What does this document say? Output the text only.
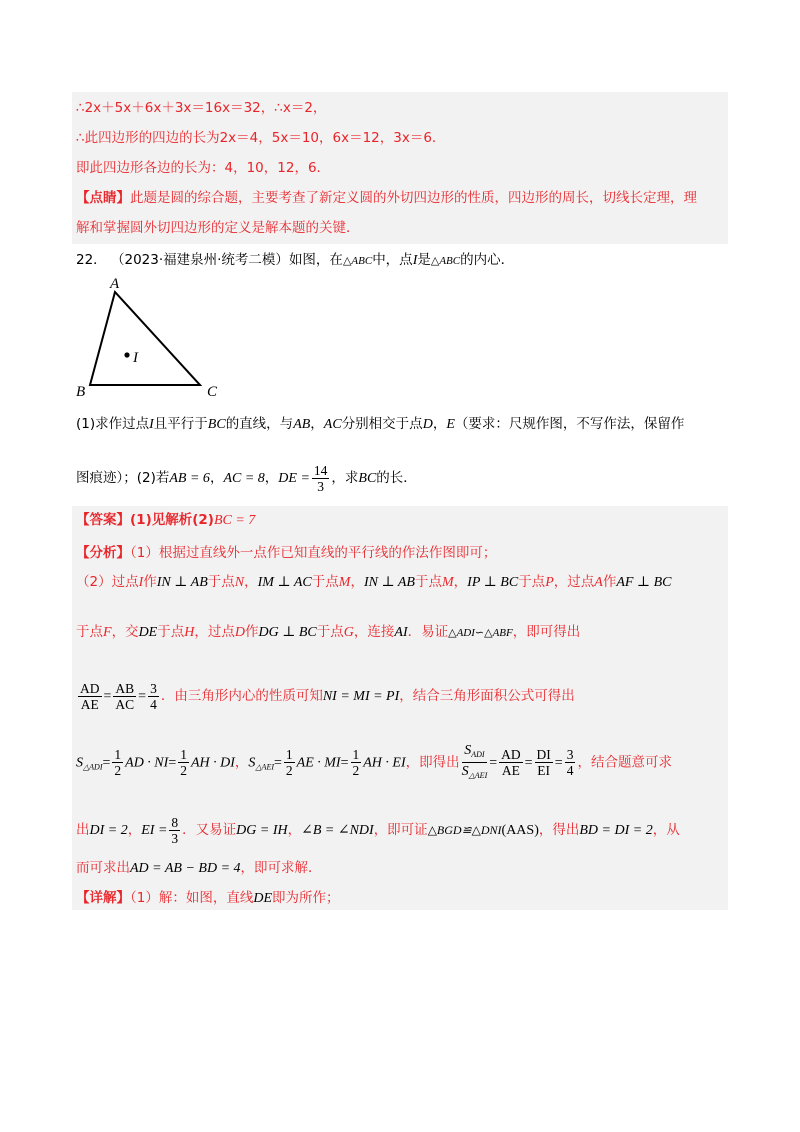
∴2x＋5x＋6x＋3x＝16x＝32，∴x＝2，
∴此四边形的四边的长为2x＝4，5x＝10，6x＝12，3x＝6．
即此四边形各边的长为：4，10，12，6．
【点睛】此题是圆的综合题，主要考查了新定义圆的外切四边形的性质，四边形的周长，切线长定理，理
解和掌握圆外切四边形的定义是解本题的关键．
22． （2023·福建泉州·统考二模）如图，在△ABC中，点I是△ABC的内心．
A
I
B	C
(1)求作过点I且平行于BC的直线，与AB，AC分别相交于点D，E（要求：尺规作图，不写作法，保留作
图痕迹）；(2)若AB = 6，AC = 8，DE = $\frac{14}{3}$ ，求BC的长．
【答案】(1)见解析(2)BC = 7
【分析】（1）根据过直线外一点作已知直线的平行线的作法作图即可；
（2）过点I作IN ⊥ AB于点N，IM ⊥ AC于点M，IN ⊥ AB于点M，IP ⊥ BC于点P，过点A作AF ⊥ BC
于点F，交DE于点H，过点D作DG ⊥ BC于点G，连接AI．易证△ADI∽△ABF，即可得出
$\frac{AD}{AE} = \frac{AB}{AC} = \frac{3}{4}$ ．由三角形内心的性质可知NI = MI = PI，结合三角形面积公式可得出
$S_{\triangle ADI}= \frac{1}{2}$ AD · $NI= \frac{1}{2}$ AH · DI，$S_{\triangle AEI}= \frac{1}{2}$ AE · $MI= \frac{1}{2}$ AH · EI，即得出 $\frac{S_{ADI}}{S_{\triangle AEI}} = \frac{AD}{AE} = \frac{DI}{EI} = \frac{3}{4}$ ，结合题意可求
出DI = 2，EI = $\frac{8}{3}$ ．又易证DG = IH，∠B = ∠NDI，即可证△BGD≌△DNI(AAS)，得出BD = DI = 2，从
而可求出AD = AB − BD = 4，即可求解．
【详解】（1）解：如图，直线DE即为所作；
